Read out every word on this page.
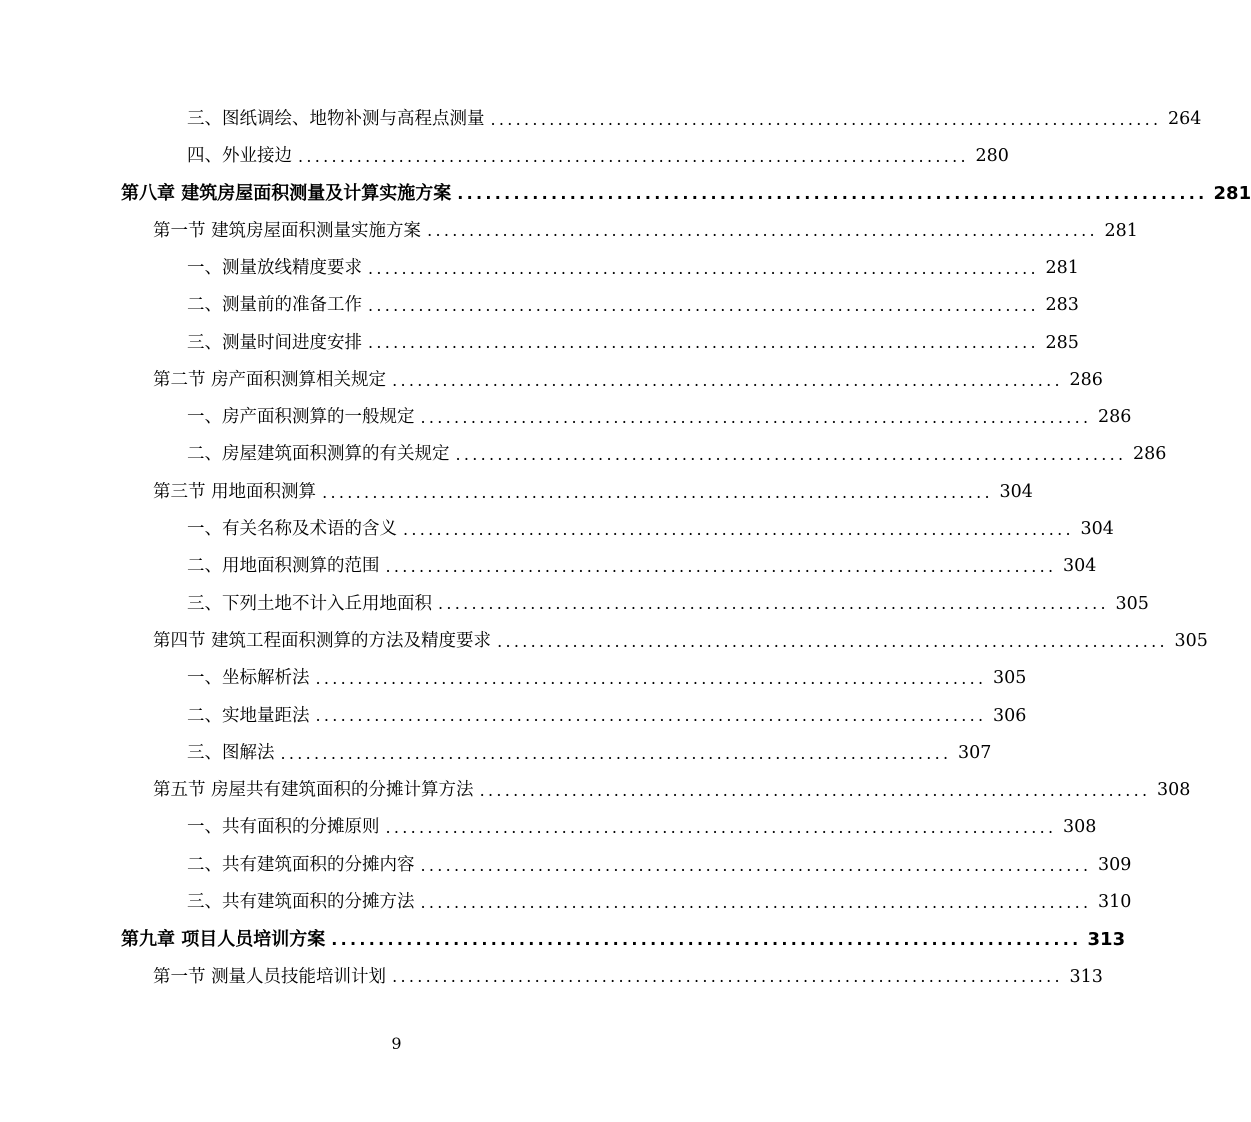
三、图纸调绘、地物补测与高程点测量 ................................................................................ 264
四、外业接边 ................................................................................ 280
第八章 建筑房屋面积测量及计算实施方案 ................................................................................ 281
第一节 建筑房屋面积测量实施方案 ................................................................................ 281
一、测量放线精度要求 ................................................................................ 281
二、测量前的准备工作 ................................................................................ 283
三、测量时间进度安排 ................................................................................ 285
第二节 房产面积测算相关规定 ................................................................................ 286
一、房产面积测算的一般规定 ................................................................................ 286
二、房屋建筑面积测算的有关规定 ................................................................................ 286
第三节 用地面积测算 ................................................................................ 304
一、有关名称及术语的含义 ................................................................................ 304
二、用地面积测算的范围 ................................................................................ 304
三、下列土地不计入丘用地面积 ................................................................................ 305
第四节 建筑工程面积测算的方法及精度要求 ................................................................................ 305
一、坐标解析法 ................................................................................ 305
二、实地量距法 ................................................................................ 306
三、图解法 ................................................................................ 307
第五节 房屋共有建筑面积的分摊计算方法 ................................................................................ 308
一、共有面积的分摊原则 ................................................................................ 308
二、共有建筑面积的分摊内容 ................................................................................ 309
三、共有建筑面积的分摊方法 ................................................................................ 310
第九章 项目人员培训方案 ................................................................................ 313
第一节 测量人员技能培训计划 ................................................................................ 313
9
